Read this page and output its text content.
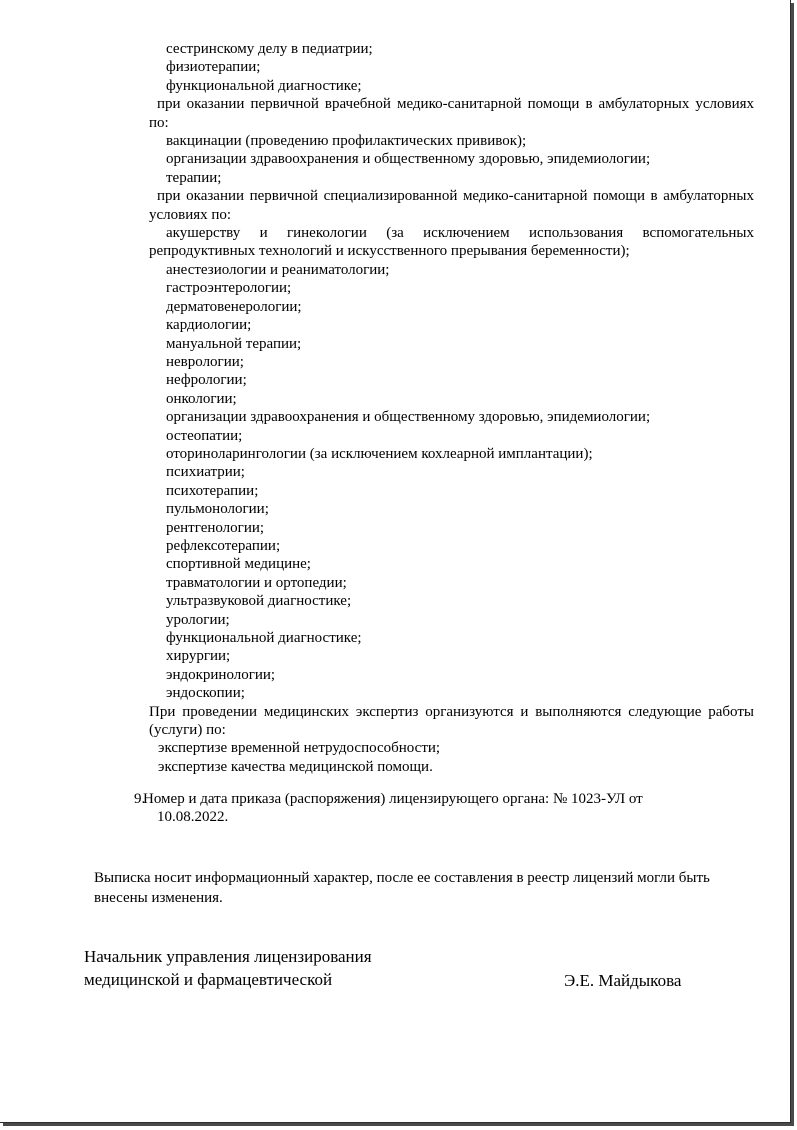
сестринскому делу в педиатрии;

физиотерапии;

функциональной диагностике;

при оказании первичной врачебной медико-санитарной помощи в амбулаторных условиях по:

вакцинации (проведению профилактических прививок);

организации здравоохранения и общественному здоровью, эпидемиологии;

терапии;

при оказании первичной специализированной медико-санитарной помощи в амбулаторных условиях по:

акушерству и гинекологии (за исключением использования вспомогательных репродуктивных технологий и искусственного прерывания беременности);

анестезиологии и реаниматологии;

гастроэнтерологии;

дерматовенерологии;

кардиологии;

мануальной терапии;

неврологии;

нефрологии;

онкологии;

организации здравоохранения и общественному здоровью, эпидемиологии;

остеопатии;

оториноларингологии (за исключением кохлеарной имплантации);

психиатрии;

психотерапии;

пульмонологии;

рентгенологии;

рефлексотерапии;

спортивной медицине;

травматологии и ортопедии;

ультразвуковой диагностике;

урологии;

функциональной диагностике;

хирургии;

эндокринологии;

эндоскопии;

При проведении медицинских экспертиз организуются и выполняются следующие работы (услуги) по:

экспертизе временной нетрудоспособности;

экспертизе качества медицинской помощи.

9.
Номер и дата приказа (распоряжения) лицензирующего органа: № 1023-УЛ от
10.08.2022.
Выписка носит информационный характер, после ее составления в реестр лицензий могли быть внесены изменения.
Начальник управления лицензирования
медицинской и фармацевтической	Э.Е. Майдыкова
